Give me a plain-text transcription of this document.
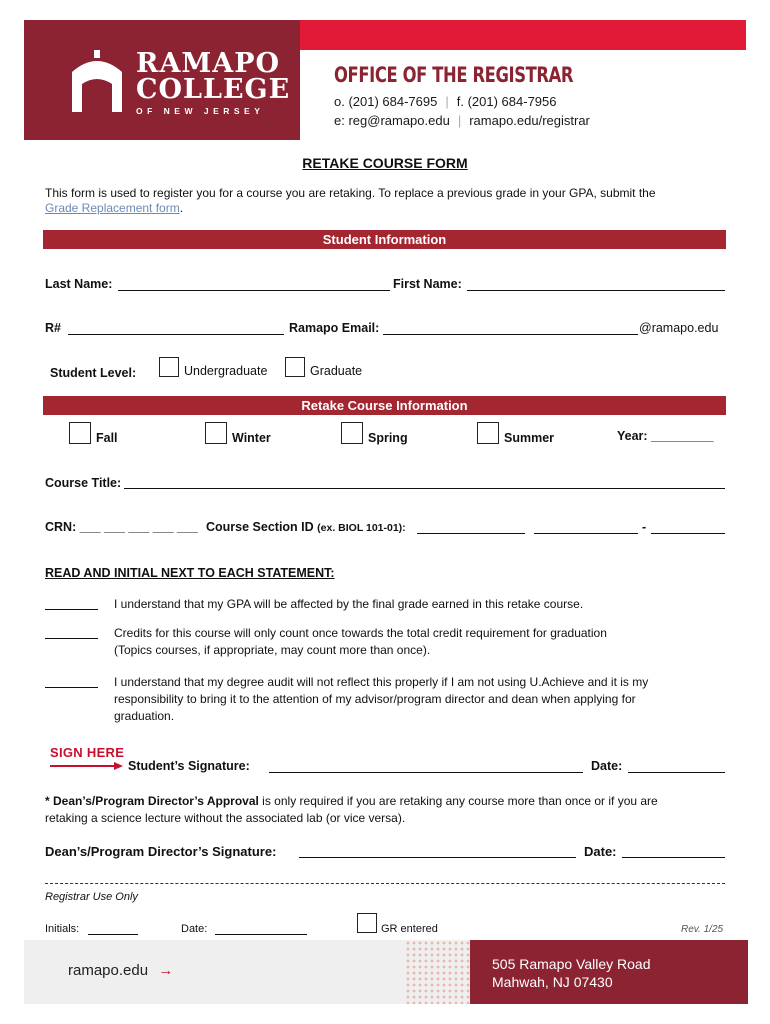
RAMAPO
COLLEGE
OF NEW JERSEY
OFFICE OF THE REGISTRAR
o. (201) 684-7695 | f. (201) 684-7956
e: reg@ramapo.edu | ramapo.edu/registrar
RETAKE COURSE FORM
This form is used to register you for a course you are retaking. To replace a previous grade in your GPA, submit the
Grade Replacement form.
Student Information
Last Name:	First Name:
R#	Ramapo Email:	@ramapo.edu
Student Level:	Undergraduate	Graduate
Retake Course Information
Fall	Winter	Spring	Summer	Year: _________
Course Title:
CRN: ___ ___ ___ ___ ___ Course Section ID (ex. BIOL 101-01):	-
READ AND INITIAL NEXT TO EACH STATEMENT:
I understand that my GPA will be affected by the final grade earned in this retake course.
Credits for this course will only count once towards the total credit requirement for graduation
(Topics courses, if appropriate, may count more than once).
I understand that my degree audit will not reflect this properly if I am not using U.Achieve and it is my
responsibility to bring it to the attention of my advisor/program director and dean when applying for
graduation.
SIGN HERE
Student’s Signature:	Date:
* Dean’s/Program Director’s Approval is only required if you are retaking any course more than once or if you are
retaking a science lecture without the associated lab (or vice versa).
Dean’s/Program Director’s Signature:	Date:
Registrar Use Only
Initials:	Date:	GR entered	Rev. 1/25
ramapo.edu →	505 Ramapo Valley Road
Mahwah, NJ 07430
